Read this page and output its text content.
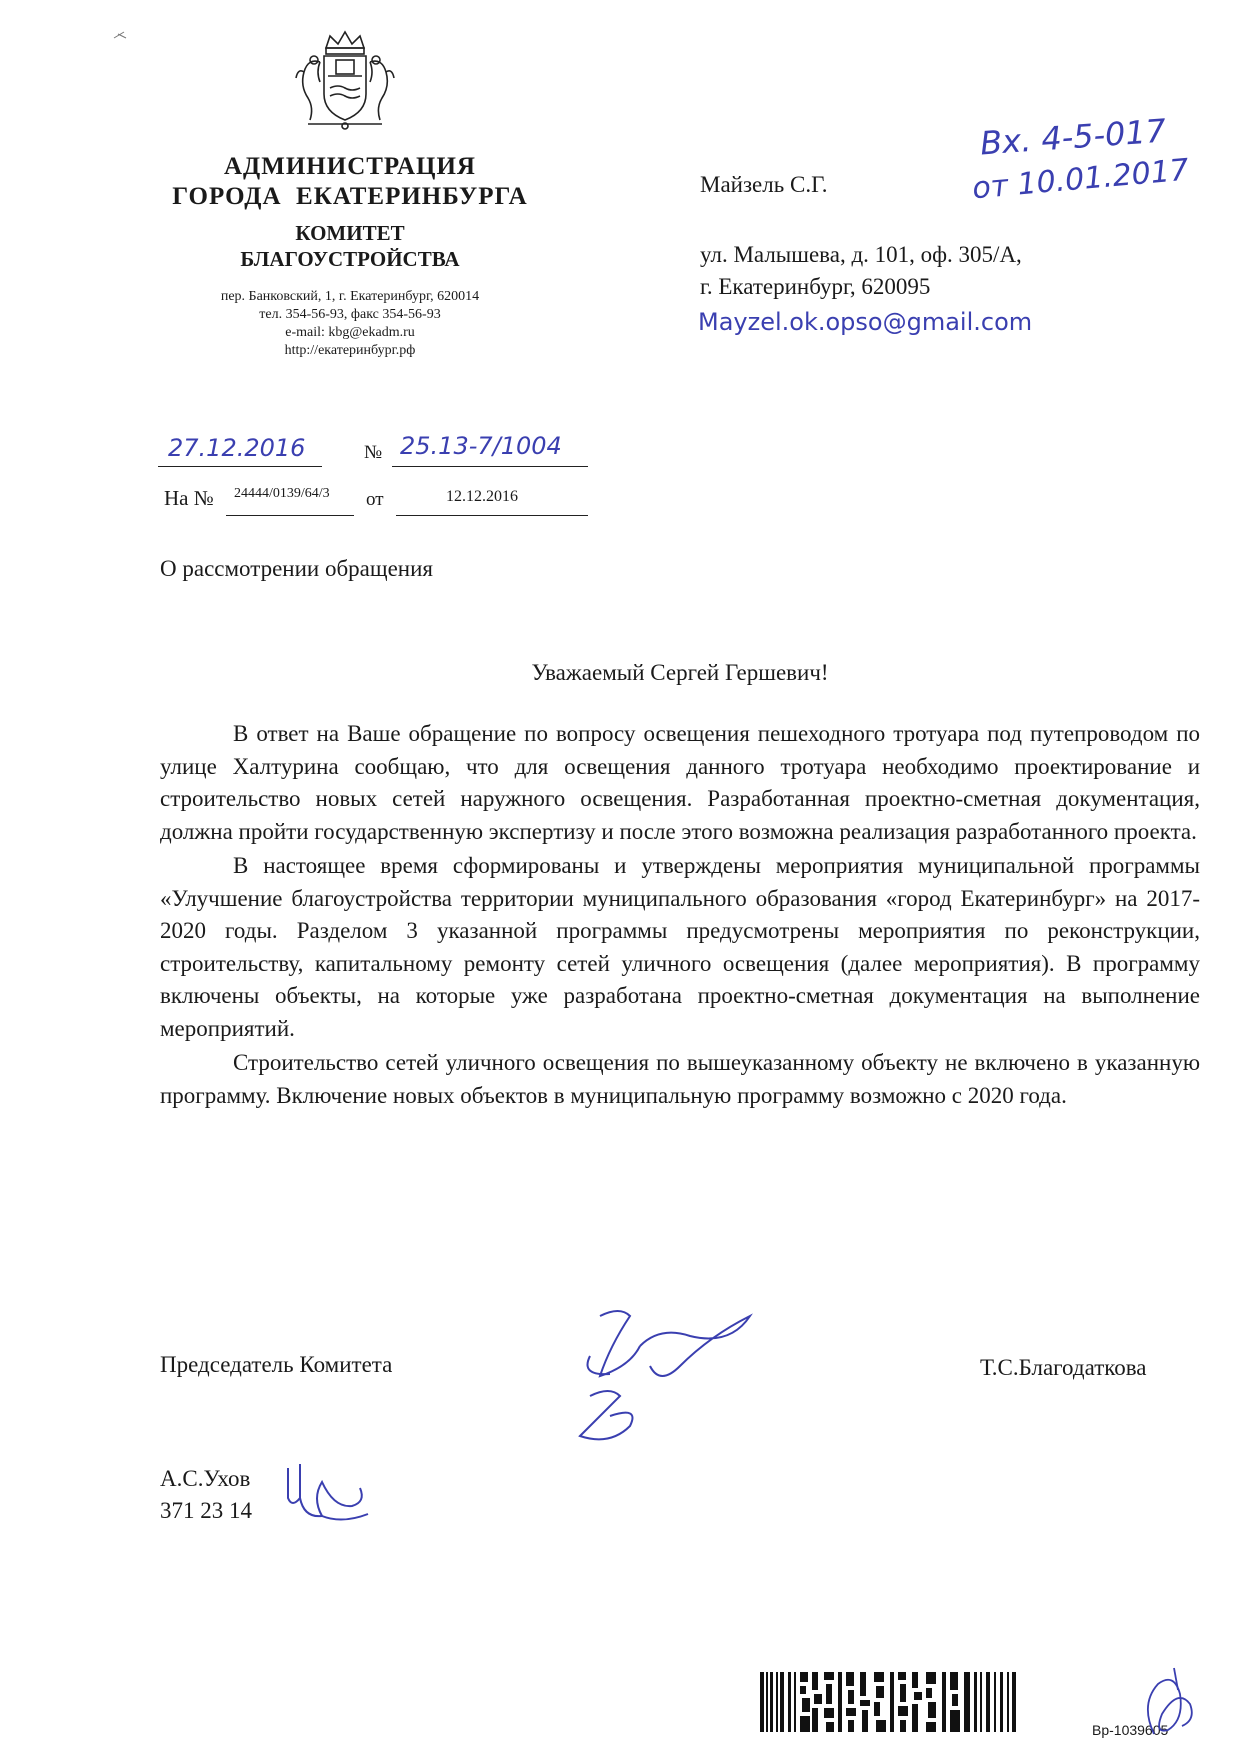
АДМИНИСТРАЦИЯ
ГОРОДА  ЕКАТЕРИНБУРГА
КОМИТЕТ
БЛАГОУСТРОЙСТВА
пер. Банковский, 1, г. Екатеринбург, 620014
тел. 354-56-93, факс 354-56-93
e-mail: kbg@ekadm.ru
http://екатеринбург.рф
27.12.2016	№ 25.13-7/1004
На № 24444/0139/64/3 от	12.12.2016
Майзель С.Г.
ул. Малышева, д. 101, оф. 305/А,
г. Екатеринбург, 620095
Mayzel.ok.opso@gmail.com
Вх. 4-5-017
от 10.01.2017
О рассмотрении обращения
Уважаемый Сергей Гершевич!

В ответ на Ваше обращение по вопросу освещения пешеходного тротуара под путепроводом по улице Халтурина сообщаю, что для освещения данного тротуара необходимо проектирование и строительство новых сетей наружного освещения. Разработанная проектно-сметная документация, должна пройти государственную экспертизу и после этого возможна реализация разработанного проекта.

В настоящее время сформированы и утверждены мероприятия муниципальной программы «Улучшение благоустройства территории муниципального образования «город Екатеринбург» на 2017-2020 годы. Разделом 3 указанной программы предусмотрены мероприятия по реконструкции, строительству, капитальному ремонту сетей уличного освещения (далее мероприятия). В программу включены объекты, на которые уже разработана проектно-сметная документация на выполнение мероприятий.

Строительство сетей уличного освещения по вышеуказанному объекту не включено в указанную программу. Включение новых объектов в муниципальную программу возможно с 2020 года.

Председатель Комитета	Т.С.Благодаткова
А.С.Ухов
371 23 14
Вр-1039605
